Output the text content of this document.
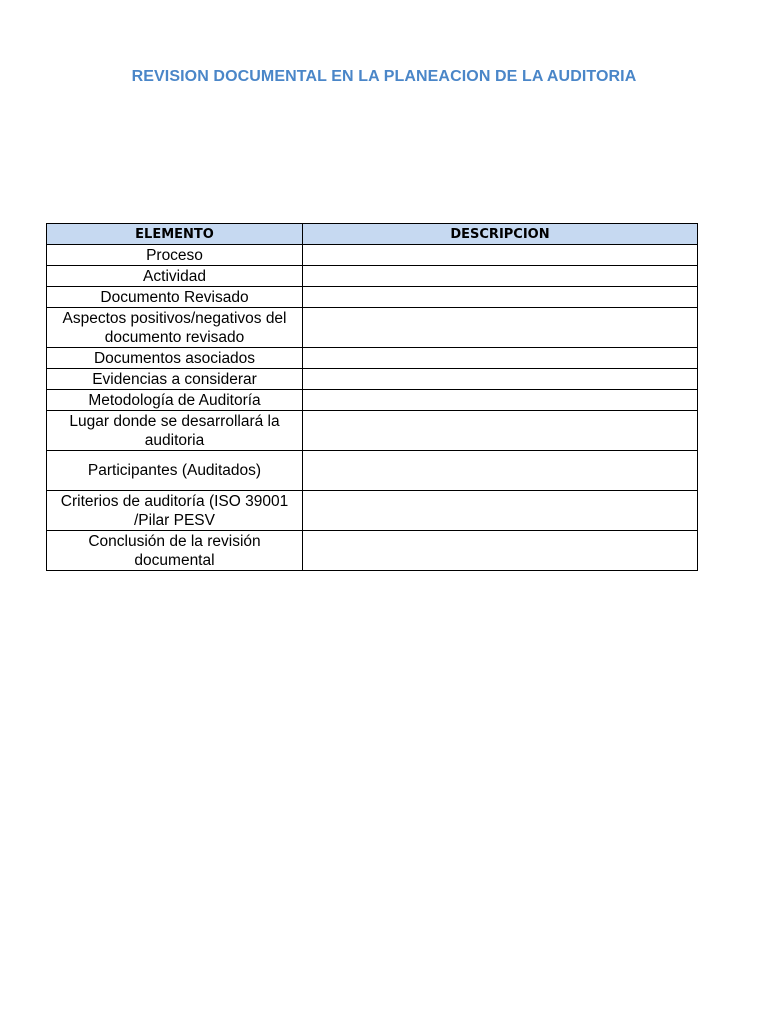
REVISION DOCUMENTAL EN LA PLANEACION DE LA AUDITORIA
ELEMENTO	DESCRIPCION
Proceso	
Actividad	
Documento Revisado	
Aspectos positivos/negativos del documento revisado	
Documentos asociados	
Evidencias a considerar	
Metodología de Auditoría	
Lugar donde se desarrollará la auditoria	
Participantes (Auditados)	
Criterios de auditoría (ISO 39001 /Pilar PESV	
Conclusión de la revisión documental	
